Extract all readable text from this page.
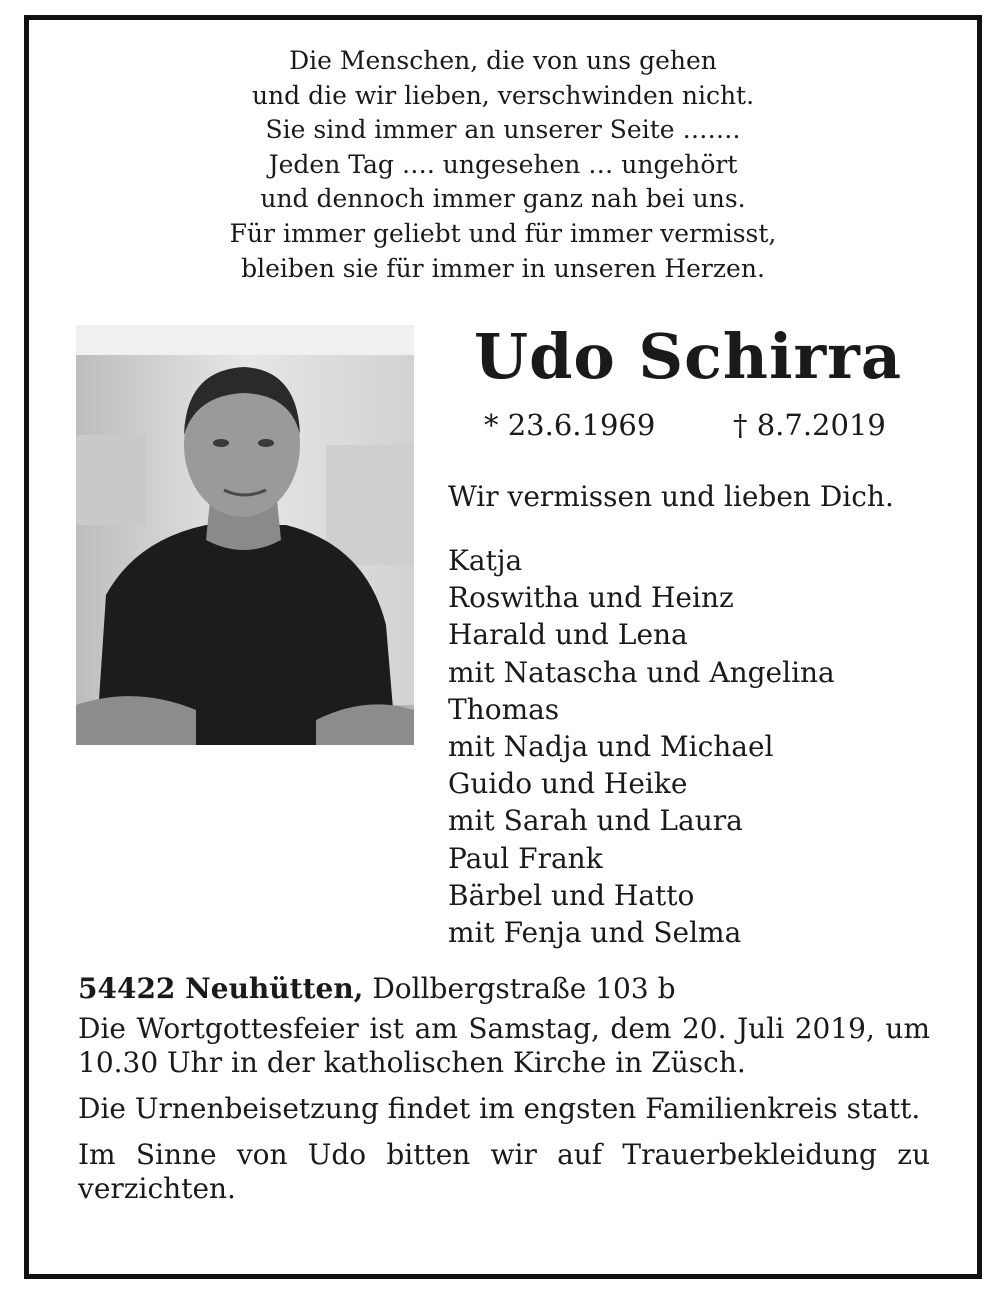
Die Menschen, die von uns gehen
und die wir lieben, verschwinden nicht.
Sie sind immer an unserer Seite …….
Jeden Tag …. ungesehen … ungehört
und dennoch immer ganz nah bei uns.
Für immer geliebt und für immer vermisst,
bleiben sie für immer in unseren Herzen.
Udo Schirra
* 23.6.1969	† 8.7.2019
Wir vermissen und lieben Dich.
Katja
Roswitha und Heinz
Harald und Lena
mit Natascha und Angelina
Thomas
mit Nadja und Michael
Guido und Heike
mit Sarah und Laura
Paul Frank
Bärbel und Hatto
mit Fenja und Selma
54422 Neuhütten, Dollbergstraße 103 b
Die Wortgottesfeier ist am Samstag, dem 20. Juli 2019, um 10.30 Uhr in der katholischen Kirche in Züsch.
Die Urnenbeisetzung findet im engsten Familienkreis statt.
Im Sinne von Udo bitten wir auf Trauerbekleidung zu verzichten.
